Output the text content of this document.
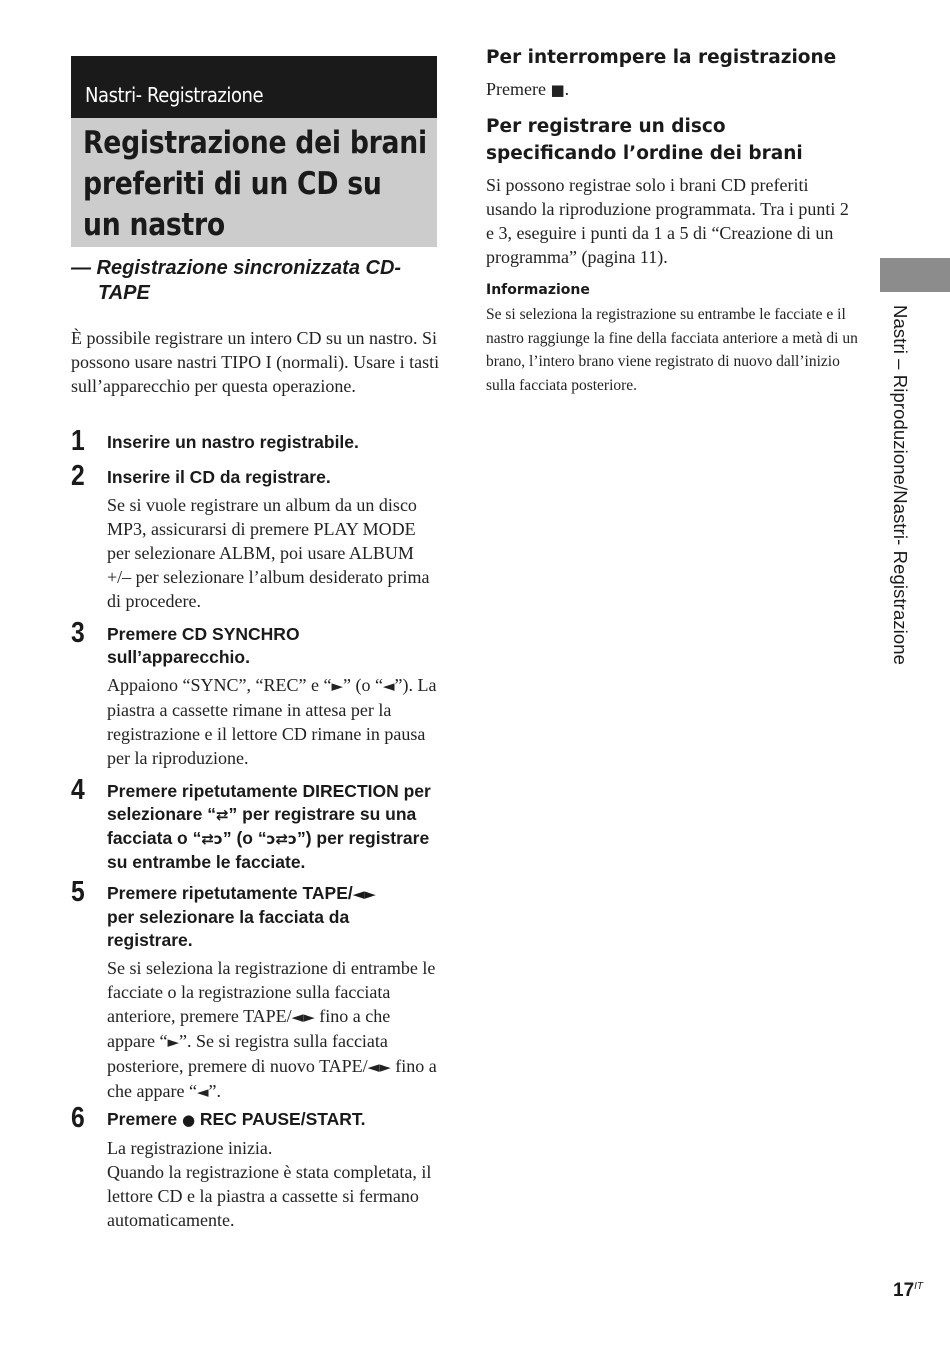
Nastri- Registrazione
Registrazione dei brani preferiti di un CD su un nastro
— Registrazione sincronizzata CD-
TAPE
È possibile registrare un intero CD su un nastro. Si possono usare nastri TIPO I (normali). Usare i tasti sull’apparecchio per questa operazione.
1 Inserire un nastro registrabile.
2 Inserire il CD da registrare.
Se si vuole registrare un album da un disco MP3, assicurarsi di premere PLAY MODE per selezionare ALBM, poi usare ALBUM +/– per selezionare l’album desiderato prima di procedere.
3 Premere CD SYNCHRO
sull’apparecchio.
Appaiono “SYNC”, “REC” e “►” (o “◄”). La piastra a cassette rimane in attesa per la registrazione e il lettore CD rimane in pausa per la riproduzione.
4 Premere ripetutamente DIRECTION per selezionare “⇄” per registrare su una facciata o “⇄ↄ” (o “ↄ⇄ↄ”) per registrare su entrambe le facciate.
5 Premere ripetutamente TAPE/◄►
per selezionare la facciata da registrare.
Se si seleziona la registrazione di entrambe le facciate o la registrazione sulla facciata anteriore, premere TAPE/◄► fino a che appare “►”. Se si registra sulla facciata posteriore, premere di nuovo TAPE/◄► fino a che appare “◄”.
6 Premere ● REC PAUSE/START.

La registrazione inizia.

Quando la registrazione è stata completata, il lettore CD e la piastra a cassette si fermano automaticamente.

Per interrompere la registrazione
Premere ■.
Per registrare un disco
specificando l’ordine dei brani
Si possono registrae solo i brani CD preferiti usando la riproduzione programmata. Tra i punti 2 e 3, eseguire i punti da 1 a 5 di “Creazione di un programma” (pagina 11).
Informazione
Se si seleziona la registrazione su entrambe le facciate e il nastro raggiunge la fine della facciata anteriore a metà di un brano, l’intero brano viene registrato di nuovo dall’inizio sulla facciata posteriore.	Nastri – Riproduzione/Nastri- Registrazione
$17^{IT}$
